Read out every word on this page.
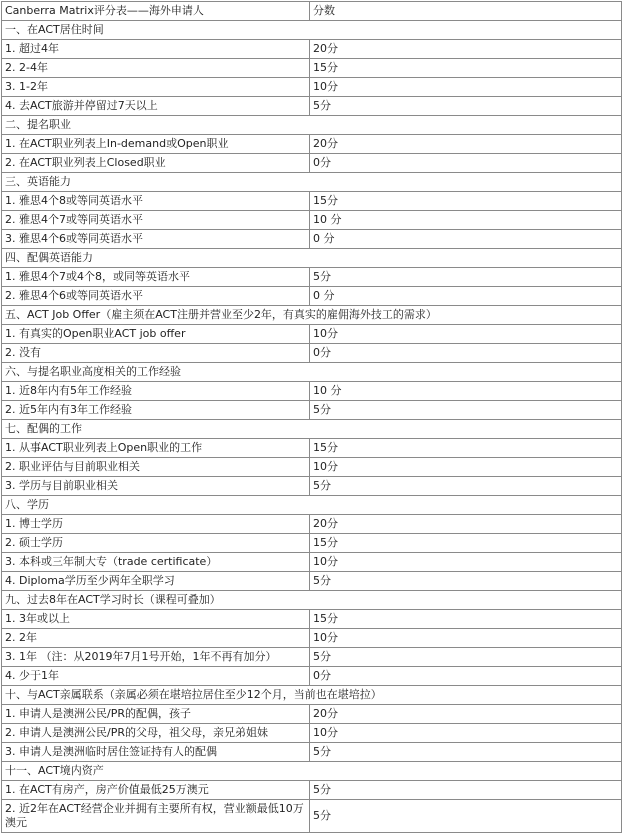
Canberra Matrix评分表——海外申请人	分数
一、在ACT居住时间	
1. 超过4年	20分
2. 2-4年	15分
3. 1-2年	10分
4. 去ACT旅游并停留过7天以上	5分
二、提名职业	
1. 在ACT职业列表上In-demand或Open职业	20分
2. 在ACT职业列表上Closed职业	0分
三、英语能力	
1. 雅思4个8或等同英语水平	15分
2. 雅思4个7或等同英语水平	10 分
3. 雅思4个6或等同英语水平	0 分
四、配偶英语能力	
1. 雅思4个7或4个8，或同等英语水平	5分
2. 雅思4个6或等同英语水平	0 分
五、ACT Job Offer（雇主须在ACT注册并营业至少2年，有真实的雇佣海外技工的需求）	
1. 有真实的Open职业ACT job offer	10分
2. 没有	0分
六、与提名职业高度相关的工作经验	
1. 近8年内有5年工作经验	10 分
2. 近5年内有3年工作经验	5分
七、配偶的工作	
1. 从事ACT职业列表上Open职业的工作	15分
2. 职业评估与目前职业相关	10分
3. 学历与目前职业相关	5分
八、学历	
1. 博士学历	20分
2. 硕士学历	15分
3. 本科或三年制大专（trade certificate）	10分
4. Diploma学历至少两年全职学习	5分
九、过去8年在ACT学习时长（课程可叠加）	
1. 3年或以上	15分
2. 2年	10分
3. 1年 （注：从2019年7月1号开始，1年不再有加分）	5分
4. 少于1年	0分
十、与ACT亲属联系（亲属必须在堪培拉居住至少12个月，当前也在堪培拉）	
1. 申请人是澳洲公民/PR的配偶，孩子	20分
2. 申请人是澳洲公民/PR的父母，祖父母，亲兄弟姐妹	10分
3. 申请人是澳洲临时居住签证持有人的配偶	5分
十一、ACT境内资产	
1. 在ACT有房产，房产价值最低25万澳元	5分
2. 近2年在ACT经营企业并拥有主要所有权，营业额最低10万澳元	5分
